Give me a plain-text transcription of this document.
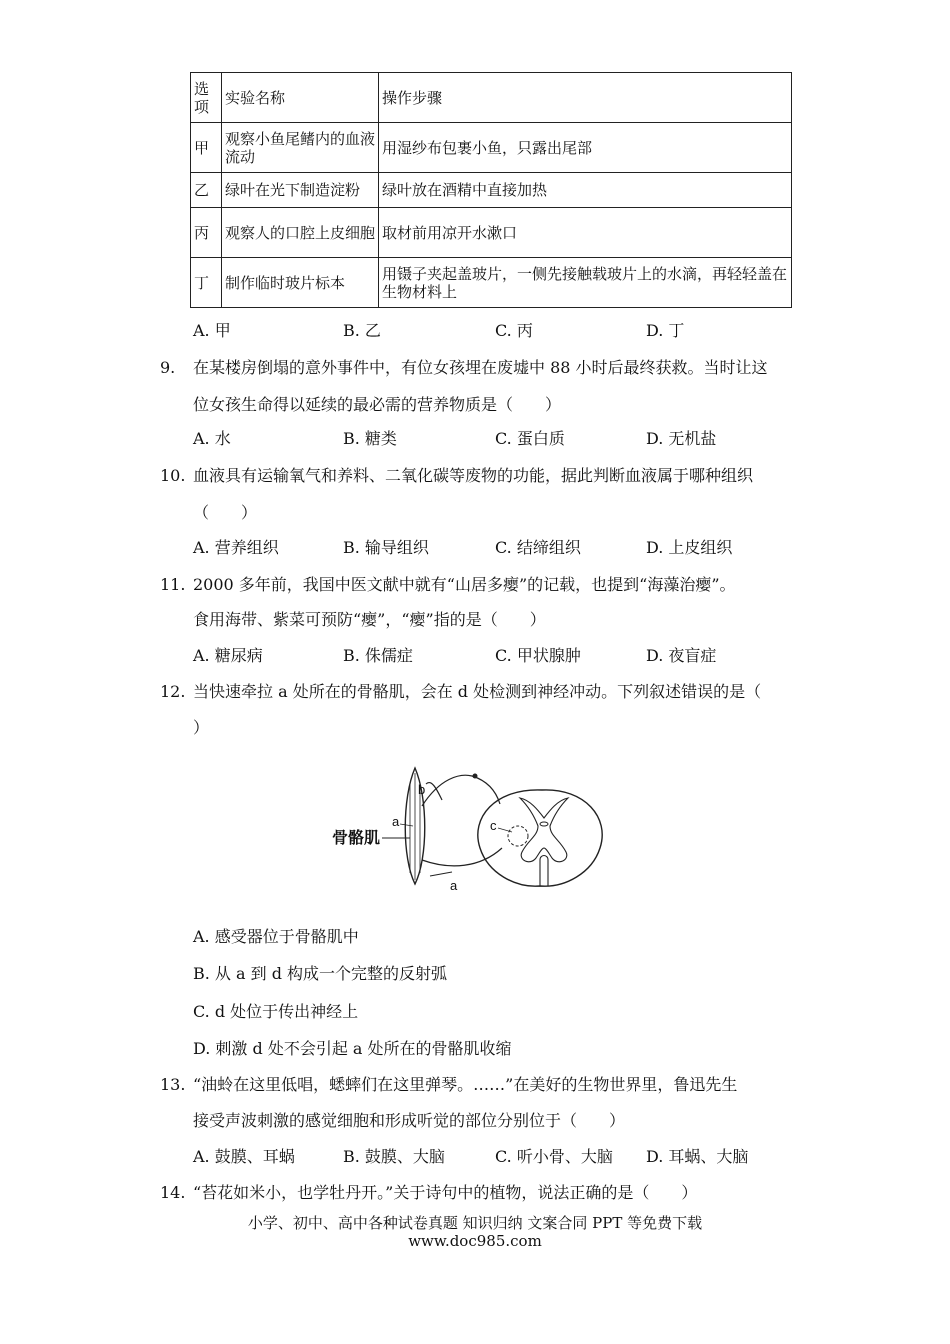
选项	实验名称	操作步骤
甲	观察小鱼尾鳍内的血液流动	用湿纱布包裹小鱼，只露出尾部
乙	绿叶在光下制造淀粉	绿叶放在酒精中直接加热
丙	观察人的口腔上皮细胞	取材前用凉开水漱口
丁	制作临时玻片标本	用镊子夹起盖玻片，一侧先接触载玻片上的水滴，再轻轻盖在生物材料上
A. 甲	B. 乙	C. 丙	D. 丁
9. 在某楼房倒塌的意外事件中，有位女孩埋在废墟中 88 小时后最终获救。当时让这
位女孩生命得以延续的最必需的营养物质是（　　）
A. 水	B. 糖类	C. 蛋白质	D. 无机盐
10. 血液具有运输氧气和养料、二氧化碳等废物的功能，据此判断血液属于哪种组织
（　　）
A. 营养组织	B. 输导组织	C. 结缔组织	D. 上皮组织
11. 2000 多年前，我国中医文献中就有“山居多瘿”的记载，也提到“海藻治瘿”。
食用海带、紫菜可预防“瘿”，“瘿”指的是（　　）
A. 糖尿病	B. 侏儒症	C. 甲状腺肿	D. 夜盲症
12. 当快速牵拉 a 处所在的骨骼肌，会在 d 处检测到神经冲动。下列叙述错误的是（
）
骨骼肌
a
b
a
c
A. 感受器位于骨骼肌中
B. 从 a 到 d 构成一个完整的反射弧
C. d 处位于传出神经上
D. 刺激 d 处不会引起 a 处所在的骨骼肌收缩
13. “油蛉在这里低唱，蟋蟀们在这里弹琴。……”在美好的生物世界里，鲁迅先生
接受声波刺激的感觉细胞和形成听觉的部位分别位于（　　）
A. 鼓膜、耳蜗	B. 鼓膜、大脑	C. 听小骨、大脑 D. 耳蜗、大脑
14. “苔花如米小，也学牡丹开。”关于诗句中的植物，说法正确的是（　　）
小学、初中、高中各种试卷真题 知识归纳 文案合同 PPT 等免费下载
www.doc985.com
